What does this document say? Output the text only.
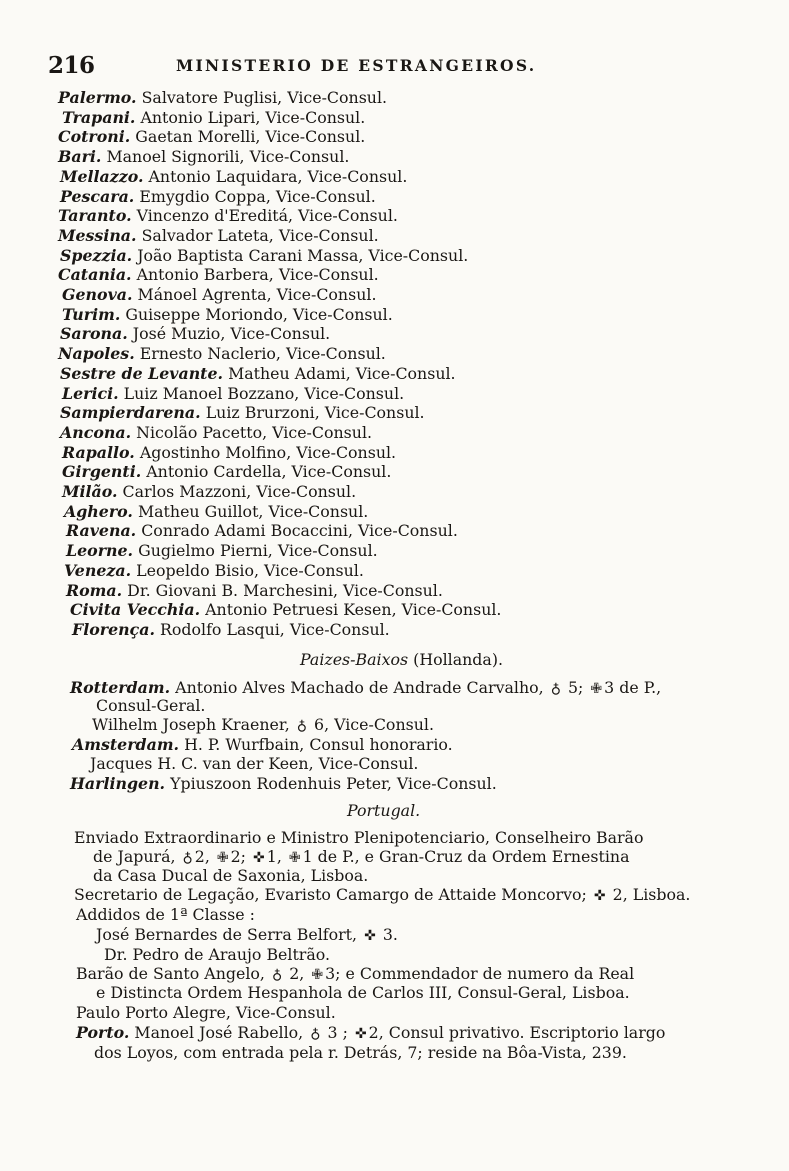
216	MINISTERIO DE ESTRANGEIROS.
Palermo. Salvatore Puglisi, Vice-Consul.
Trapani. Antonio Lipari, Vice-Consul.
Cotroni. Gaetan Morelli, Vice-Consul.
Bari. Manoel Signorili, Vice-Consul.
Mellazzo. Antonio Laquidara, Vice-Consul.
Pescara. Emygdio Coppa, Vice-Consul.
Taranto. Vincenzo d'Ereditá, Vice-Consul.
Messina. Salvador Lateta, Vice-Consul.
Spezzia. João Baptista Carani Massa, Vice-Consul.
Catania. Antonio Barbera, Vice-Consul.
Genova. Mánoel Agrenta, Vice-Consul.
Turim. Guiseppe Moriondo, Vice-Consul.
Sarona. José Muzio, Vice-Consul.
Napoles. Ernesto Naclerio, Vice-Consul.
Sestre de Levante. Matheu Adami, Vice-Consul.
Lerici. Luiz Manoel Bozzano, Vice-Consul.
Sampierdarena. Luiz Brurzoni, Vice-Consul.
Ancona. Nicolão Pacetto, Vice-Consul.
Rapallo. Agostinho Molfino, Vice-Consul.
Girgenti. Antonio Cardella, Vice-Consul.
Milão. Carlos Mazzoni, Vice-Consul.
Aghero. Matheu Guillot, Vice-Consul.
Ravena. Conrado Adami Bocaccini, Vice-Consul.
Leorne. Gugielmo Pierni, Vice-Consul.
Veneza. Leopeldo Bisio, Vice-Consul.
Roma. Dr. Giovani B. Marchesini, Vice-Consul.
Civita Vecchia. Antonio Petruesi Kesen, Vice-Consul.
Florença. Rodolfo Lasqui, Vice-Consul.
Paizes-Baixos (Hollanda).
Rotterdam. Antonio Alves Machado de Andrade Carvalho, ♁ 5; ✙ 3 de P.,
Consul-Geral.
Wilhelm Joseph Kraener, ♁ 6, Vice-Consul.
Amsterdam. H. P. Wurfbain, Consul honorario.
Jacques H. C. van der Keen, Vice-Consul.
Harlingen. Ypiuszoon Rodenhuis Peter, Vice-Consul.
Portugal.
Enviado Extraordinario e Ministro Plenipotenciario, Conselheiro Barão
de Japurá, ♁ 2, ✙ 2; ✜ 1, ✙ 1 de P., e Gran-Cruz da Ordem Ernestina
da Casa Ducal de Saxonia, Lisboa.
Secretario de Legação, Evaristo Camargo de Attaide Moncorvo; ✜ 2, Lisboa.
Addidos de 1ª Classe :
José Bernardes de Serra Belfort, ✜ 3.
Dr. Pedro de Araujo Beltrão.
Barão de Santo Angelo, ♁ 2, ✙ 3; e Commendador de numero da Real
e Distincta Ordem Hespanhola de Carlos III, Consul-Geral, Lisboa.
Paulo Porto Alegre, Vice-Consul.
Porto. Manoel José Rabello, ♁ 3 ; ✜ 2, Consul privativo. Escriptorio largo
dos Loyos, com entrada pela r. Detrás, 7; reside na Bôa-Vista, 239.
